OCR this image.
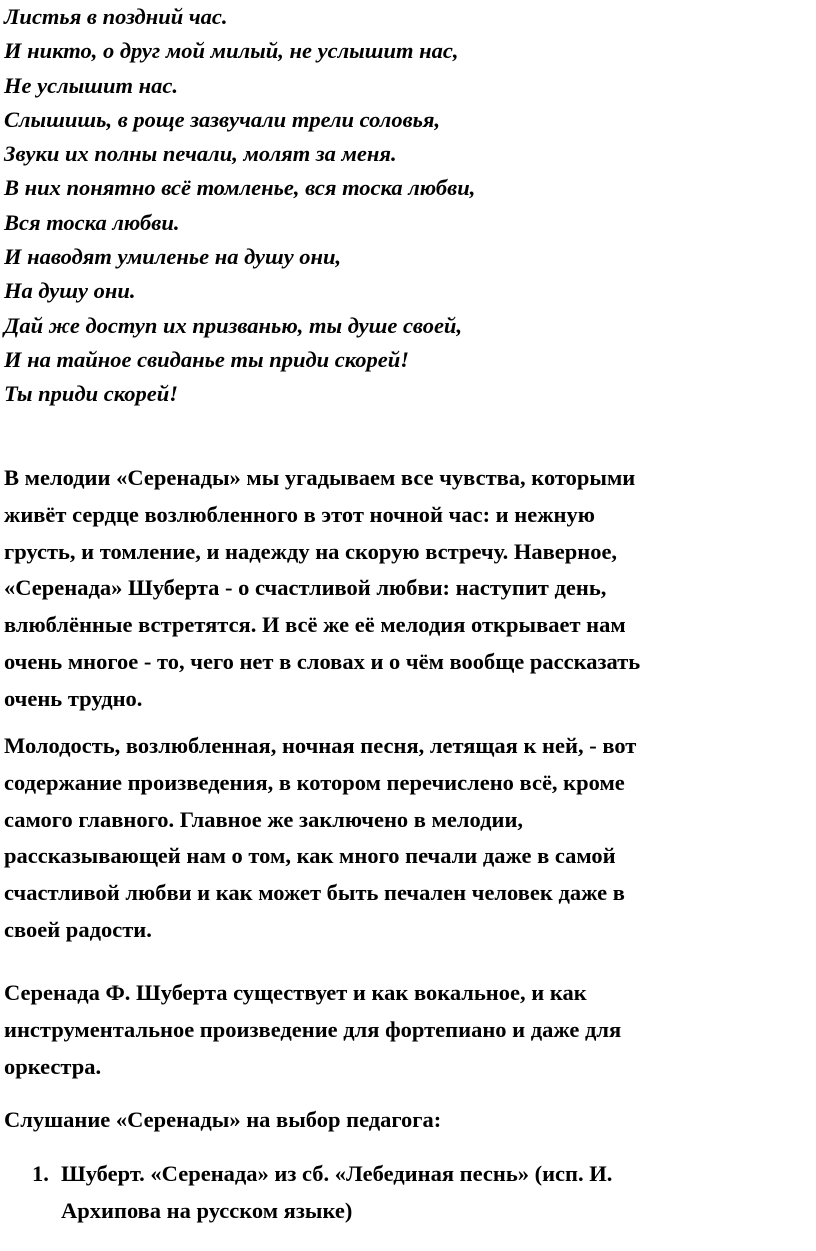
Листья в поздний час.
И никто, о друг мой милый, не услышит нас,
Не услышит нас.
Слышишь, в роще зазвучали трели соловья,
Звуки их полны печали, молят за меня.
В них понятно всё томленье, вся тоска любви,
Вся тоска любви.
И наводят умиленье на душу они,
На душу они.
Дай же доступ их призванью, ты душе своей,
И на тайное свиданье ты приди скорей!
Ты приди скорей!
В мелодии «Серенады» мы угадываем все чувства, которыми
живёт сердце возлюбленного в этот ночной час: и нежную
грусть, и томление, и надежду на скорую встречу. Наверное,
«Серенада» Шуберта - о счастливой любви: наступит день,
влюблённые встретятся. И всё же её мелодия открывает нам
очень многое - то, чего нет в словах и о чём вообще рассказать
очень трудно.
Молодость, возлюбленная, ночная песня, летящая к ней, - вот
содержание произведения, в котором перечислено всё, кроме
самого главного. Главное же заключено в мелодии,
рассказывающей нам о том, как много печали даже в самой
счастливой любви и как может быть печален человек даже в
своей радости.
Серенада Ф. Шуберта существует и как вокальное, и как
инструментальное произведение для фортепиано и даже для
оркестра.
Слушание «Серенады» на выбор педагога:
1. Шуберт. «Серенада» из сб. «Лебединая песнь» (исп. И.
Архипова на русском языке)
